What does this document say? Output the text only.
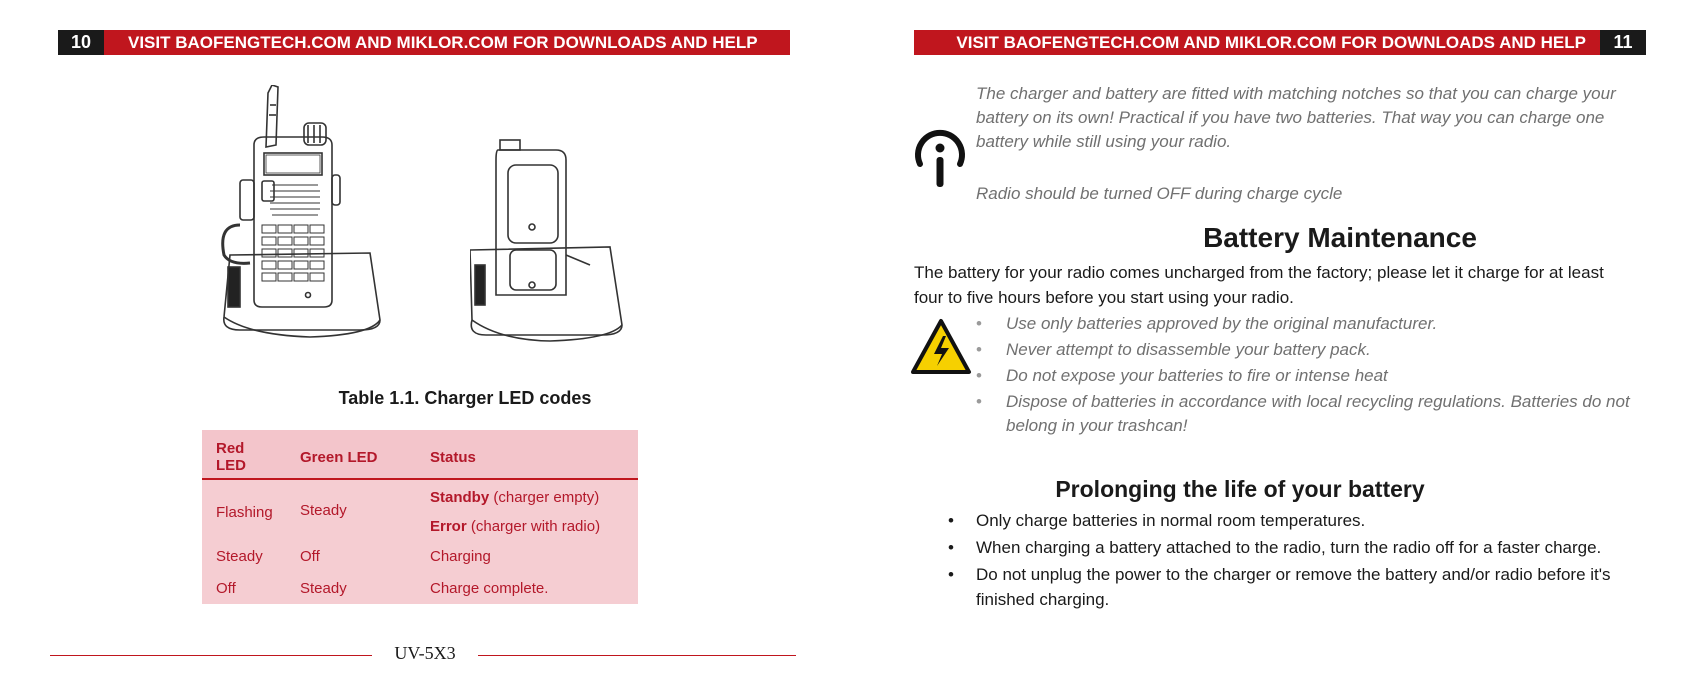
10	VISIT BAOFENGTECH.COM AND MIKLOR.COM FOR DOWNLOADS AND HELP
Table 1.1. Charger LED codes
Red LED	Green LED	Status
Flashing	Steady	Standby (charger empty)
Error (charger with radio)

Steady	Off	Charging
Off	Steady	Charge complete.
UV-5X3
VISIT BAOFENGTECH.COM AND MIKLOR.COM FOR DOWNLOADS AND HELP	11
The charger and battery are fitted with matching notches so that you can charge your battery on its own! Practical if you have two batteries. That way you can charge one battery while still using your radio.
Radio should be turned OFF during charge cycle
Battery Maintenance
The battery for your radio comes uncharged from the factory; please let it charge for at least four to five hours before you start using your radio.
• Use only batteries approved by the original manufacturer.
• Never attempt to disassemble your battery pack.
• Do not expose your batteries to fire or intense heat
• Dispose of batteries in accordance with local recycling regulations. Batteries do not belong in your trashcan!
Prolonging the life of your battery
• Only charge batteries in normal room temperatures.
• When charging a battery attached to the radio, turn the radio off for a faster charge.
• Do not unplug the power to the charger or remove the battery and/or radio before it's finished charging.
